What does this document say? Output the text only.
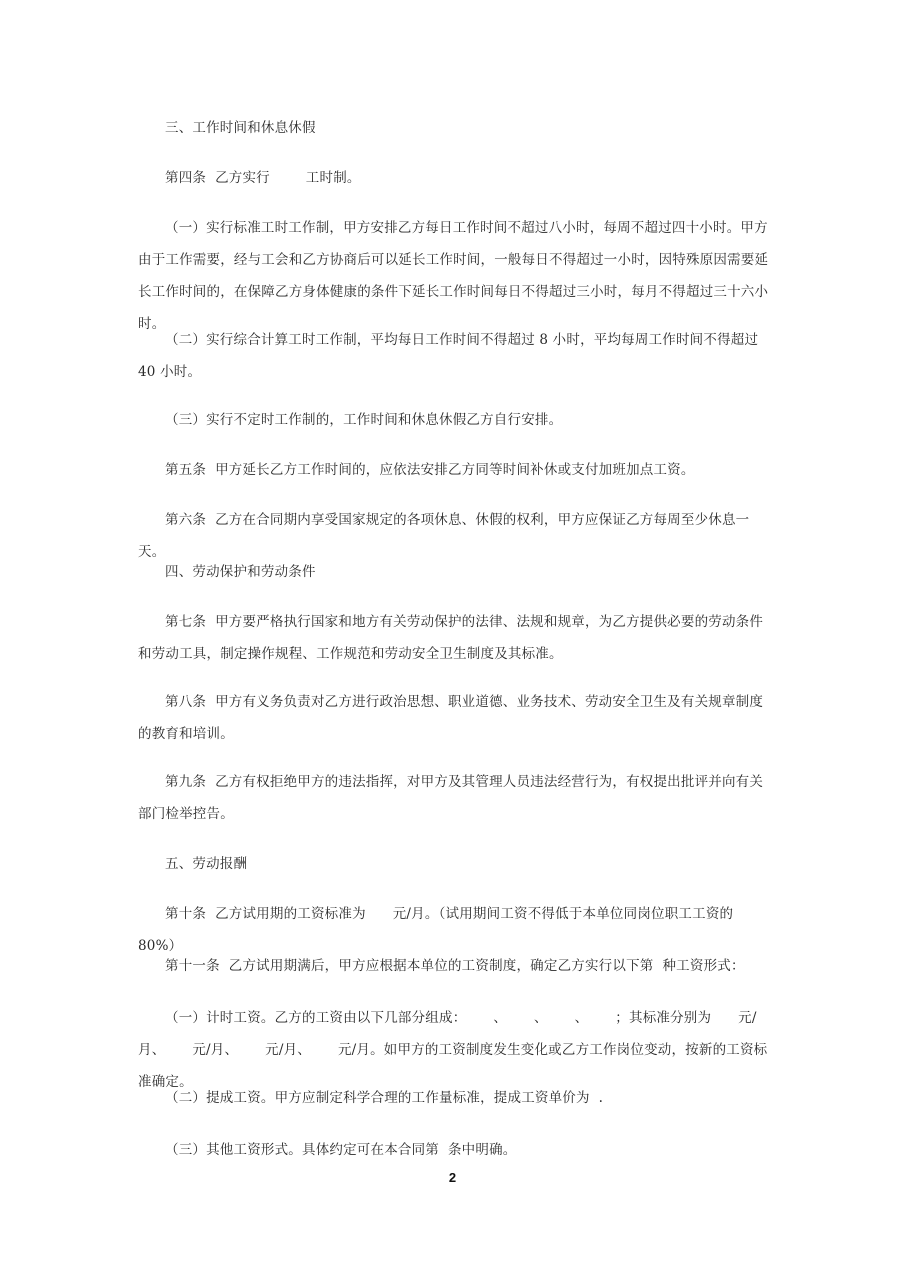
三、工作时间和休息休假

第四条  乙方实行        工时制。

（一）实行标准工时工作制，甲方安排乙方每日工作时间不超过八小时，每周不超过四十小时。甲方由于工作需要，经与工会和乙方协商后可以延长工作时间，一般每日不得超过一小时，因特殊原因需要延长工作时间的，在保障乙方身体健康的条件下延长工作时间每日不得超过三小时，每月不得超过三十六小时。

（二）实行综合计算工时工作制，平均每日工作时间不得超过 8 小时，平均每周工作时间不得超过 40 小时。

（三）实行不定时工作制的，工作时间和休息休假乙方自行安排。

第五条  甲方延长乙方工作时间的，应依法安排乙方同等时间补休或支付加班加点工资。

第六条  乙方在合同期内享受国家规定的各项休息、休假的权利，甲方应保证乙方每周至少休息一天。

四、劳动保护和劳动条件

第七条  甲方要严格执行国家和地方有关劳动保护的法律、法规和规章，为乙方提供必要的劳动条件和劳动工具，制定操作规程、工作规范和劳动安全卫生制度及其标准。

第八条  甲方有义务负责对乙方进行政治思想、职业道德、业务技术、劳动安全卫生及有关规章制度的教育和培训。

第九条  乙方有权拒绝甲方的违法指挥，对甲方及其管理人员违法经营行为，有权提出批评并向有关部门检举控告。

五、劳动报酬

第十条  乙方试用期的工资标准为      元/月。（试用期间工资不得低于本单位同岗位职工工资的 80%）

第十一条  乙方试用期满后，甲方应根据本单位的工资制度，确定乙方实行以下第  种工资形式：

（一）计时工资。乙方的工资由以下几部分组成：      、      、      、      ；其标准分别为      元/月、      元/月、      元/月、      元/月。如甲方的工资制度发生变化或乙方工作岗位变动，按新的工资标准确定。

（二）提成工资。甲方应制定科学合理的工作量标准，提成工资单价为  .

（三）其他工资形式。具体约定可在本合同第  条中明确。

2
